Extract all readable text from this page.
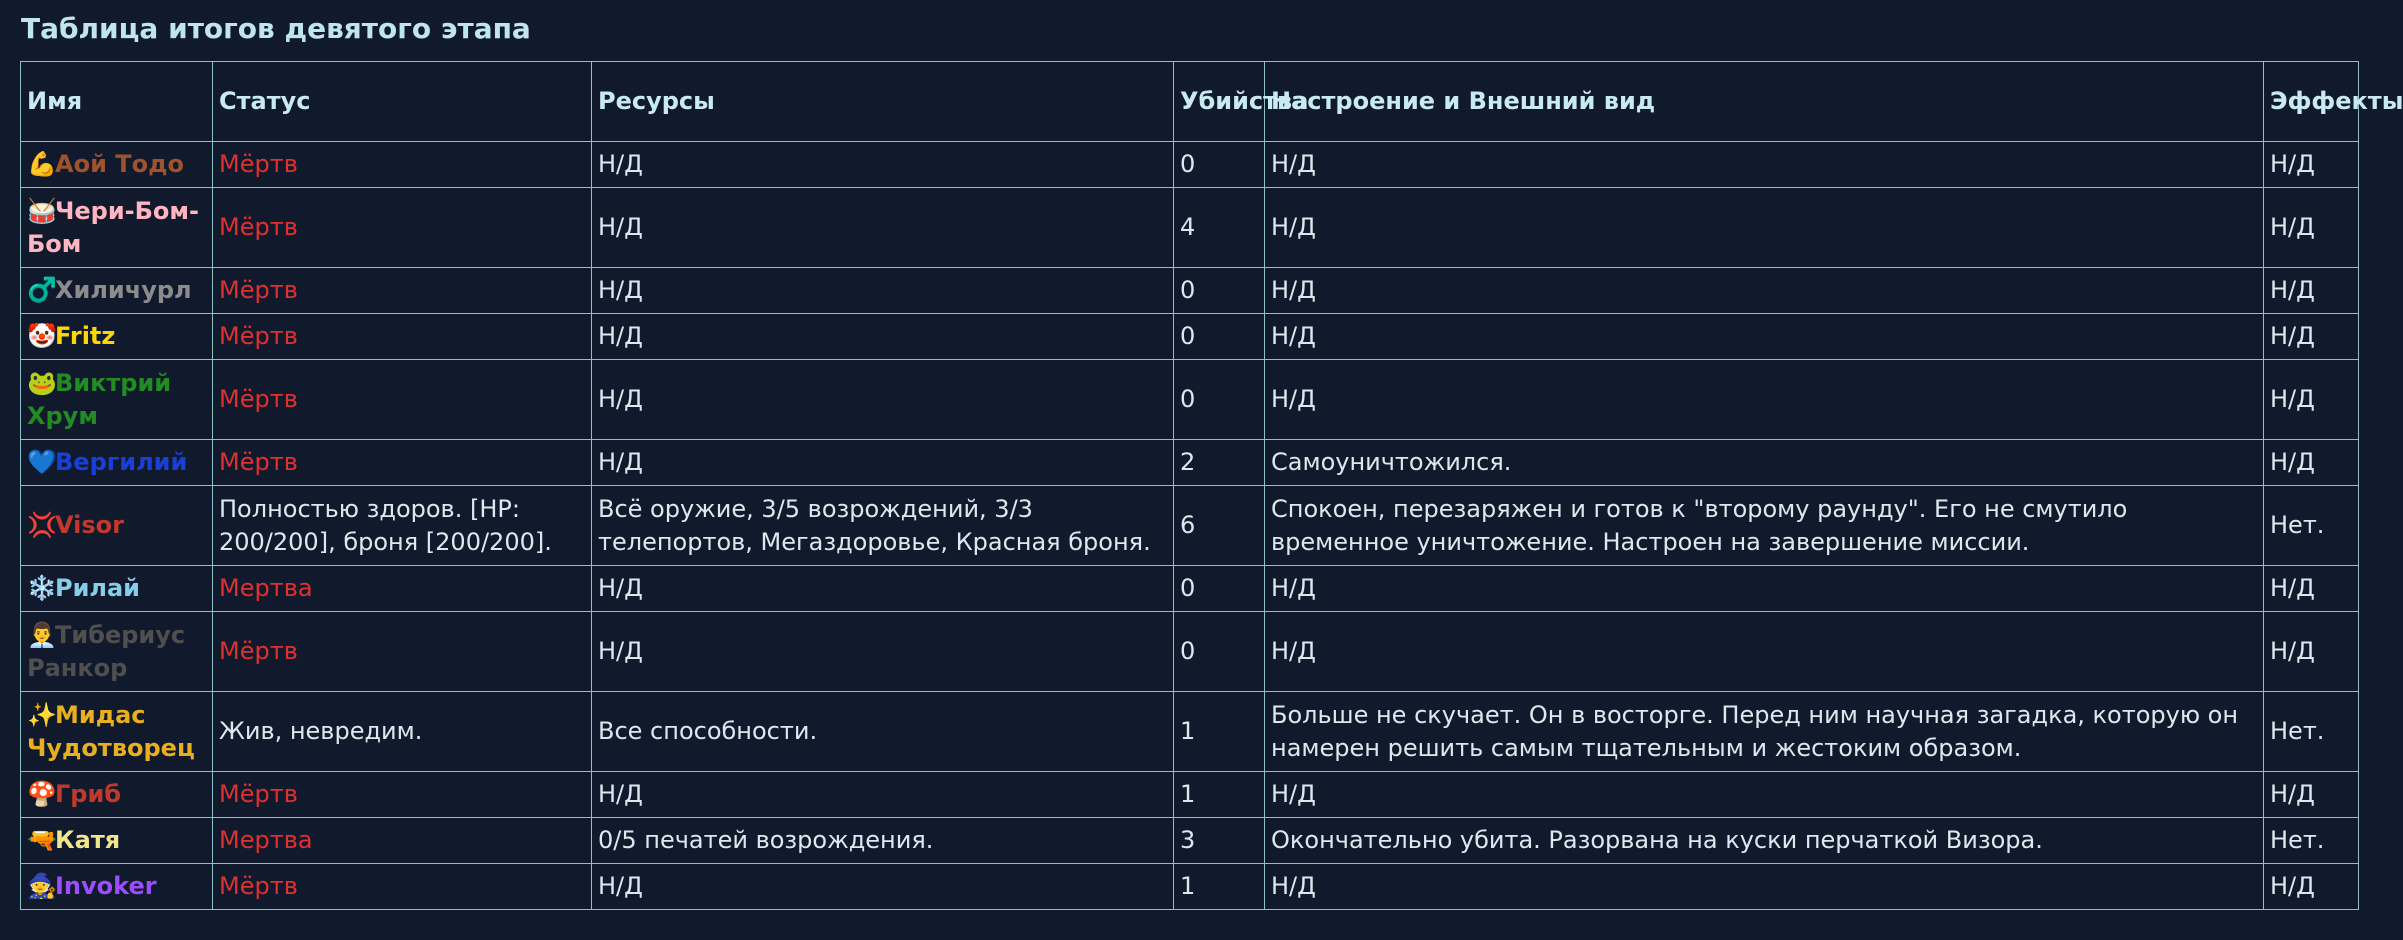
Таблица итогов девятого этапа
Имя	Статус	Ресурсы	Убийства	Настроение и Внешний вид	Эффекты
💪Аой Тодо	Мёртв	Н/Д	0	Н/Д	Н/Д
🥁Чери-Бом-Бом	Мёртв	Н/Д	4	Н/Д	Н/Д
♂️Хиличурл	Мёртв	Н/Д	0	Н/Д	Н/Д
🤡Fritz	Мёртв	Н/Д	0	Н/Д	Н/Д
🐸Виктрий Хрум	Мёртв	Н/Д	0	Н/Д	Н/Д
💙Вергилий	Мёртв	Н/Д	2	Самоуничтожился.	Н/Д
💢Visor	Полностью здоров. [HP: 200/200], броня [200/200].	Всё оружие, 3/5 возрождений, 3/3 телепортов, Мегаздоровье, Красная броня.	6	Спокоен, перезаряжен и готов к "второму раунду". Его не смутило временное уничтожение. Настроен на завершение миссии.	Нет.
❄️Рилай	Мертва	Н/Д	0	Н/Д	Н/Д
👨‍💼Тибериус Ранкор	Мёртв	Н/Д	0	Н/Д	Н/Д
✨Мидас Чудотворец	Жив, невредим.	Все способности.	1	Больше не скучает. Он в восторге. Перед ним научная загадка, которую он намерен решить самым тщательным и жестоким образом.	Нет.
🍄Гриб	Мёртв	Н/Д	1	Н/Д	Н/Д
🔫Катя	Мертва	0/5 печатей возрождения.	3	Окончательно убита. Разорвана на куски перчаткой Визора.	Нет.
🧙Invoker	Мёртв	Н/Д	1	Н/Д	Н/Д
